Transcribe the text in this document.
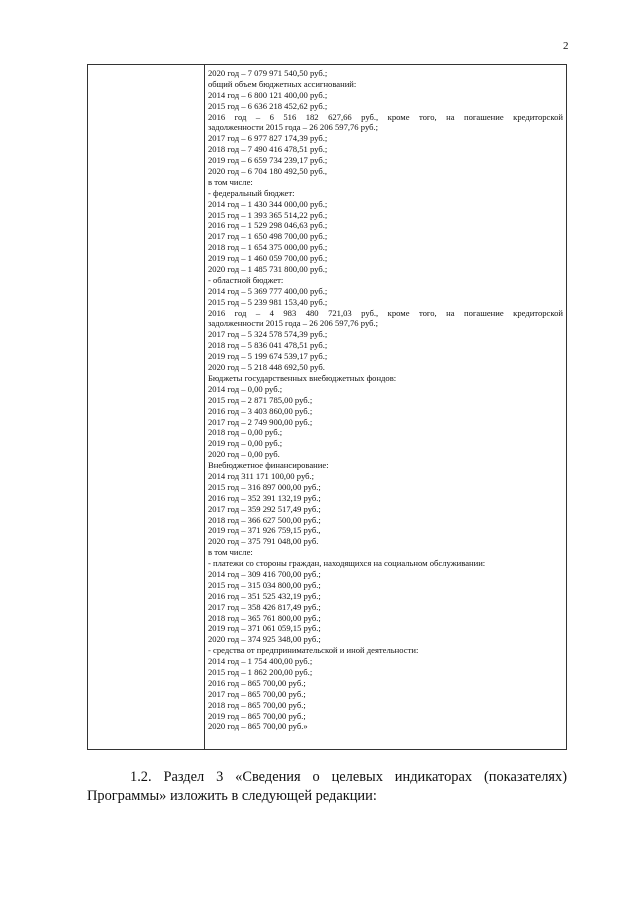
2
2020 год – 7 079 971 540,50 руб.;
общий объем бюджетных ассигнований:
2014 год – 6 800 121 400,00 руб.;
2015 год – 6 636 218 452,62 руб.;
2016 год – 6 516 182 627,66 руб., кроме того, на погашение кредиторской
задолженности 2015 года – 26 206 597,76 руб.;
2017 год – 6 977 827 174,39 руб.;
2018 год – 7 490 416 478,51 руб.;
2019 год – 6 659 734 239,17 руб.;
2020 год – 6 704 180 492,50 руб.,
в том числе:
- федеральный бюджет:
2014 год – 1 430 344 000,00 руб.;
2015 год – 1 393 365 514,22 руб.;
2016 год – 1 529 298 046,63 руб.;
2017 год – 1 650 498 700,00 руб.;
2018 год – 1 654 375 000,00 руб.;
2019 год – 1 460 059 700,00 руб.;
2020 год – 1 485 731 800,00 руб.;
- областной бюджет:
2014 год – 5 369 777 400,00 руб.;
2015 год – 5 239 981 153,40 руб.;
2016 год – 4 983 480 721,03 руб., кроме того, на погашение кредиторской
задолженности 2015 года – 26 206 597,76 руб.;
2017 год – 5 324 578 574,39 руб.;
2018 год – 5 836 041 478,51 руб.;
2019 год – 5 199 674 539,17 руб.;
2020 год – 5 218 448 692,50 руб.
Бюджеты государственных внебюджетных фондов:
2014 год – 0,00 руб.;
2015 год – 2 871 785,00 руб.;
2016 год – 3 403 860,00 руб.;
2017 год – 2 749 900,00 руб.;
2018 год – 0,00 руб.;
2019 год – 0,00 руб.;
2020 год – 0,00 руб.
Внебюджетное финансирование:
2014 год 311 171 100,00 руб.;
2015 год – 316 897 000,00 руб.;
2016 год – 352 391 132,19 руб.;
2017 год – 359 292 517,49 руб.;
2018 год – 366 627 500,00 руб.;
2019 год – 371 926 759,15 руб.,
2020 год – 375 791 048,00 руб.
в том числе:
- платежи со стороны граждан, находящихся на социальном обслуживании:
2014 год – 309 416 700,00 руб.;
2015 год – 315 034 800,00 руб.;
2016 год – 351 525 432,19 руб.;
2017 год – 358 426 817,49 руб.;
2018 год – 365 761 800,00 руб.;
2019 год – 371 061 059,15 руб.;
2020 год – 374 925 348,00 руб.;
- средства от предпринимательской и иной деятельности:
2014 год – 1 754 400,00 руб.;
2015 год – 1 862 200,00 руб.;
2016 год – 865 700,00 руб.;
2017 год – 865 700,00 руб.;
2018 год – 865 700,00 руб.;
2019 год – 865 700,00 руб.;
2020 год – 865 700,00 руб.»
1.2. Раздел 3 «Сведения о целевых индикаторах (показателях)
Программы» изложить в следующей редакции:
